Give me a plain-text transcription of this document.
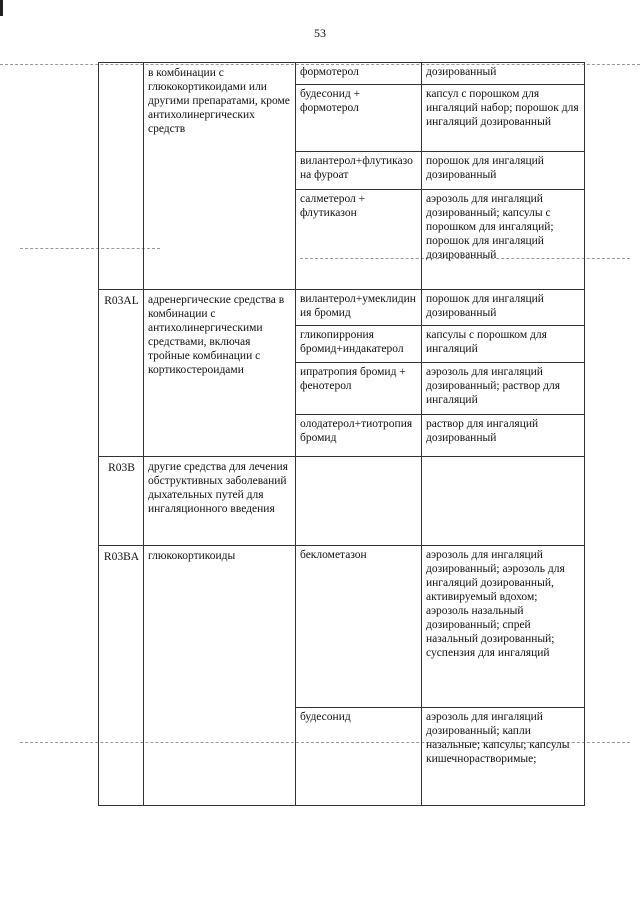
53
	в комбинации с глюкокортикоидами или другими препаратами, кроме антихолинергических средств	формотерол	дозированный
		будесонид + формотерол	капсул с порошком для ингаляций набор; порошок для ингаляций дозированный
		вилантерол+флутиказона фуроат	порошок для ингаляций дозированный
		салметерол + флутиказон	аэрозоль для ингаляций дозированный; капсулы с порошком для ингаляций; порошок для ингаляций дозированный
R03AL	адренергические средства в комбинации с антихолинергическими средствами, включая тройные комбинации с кортикостероидами	вилантерол+умеклидиния бромид	порошок для ингаляций дозированный
		гликопиррония бромид+индакатерол	капсулы с порошком для ингаляций
		ипратропия бромид + фенотерол	аэрозоль для ингаляций дозированный; раствор для ингаляций
		олодатерол+тиотропия бромид	раствор для ингаляций дозированный
R03B	другие средства для лечения обструктивных заболеваний дыхательных путей для ингаляционного введения		
R03BA	глюкокортикоиды	беклометазон	аэрозоль для ингаляций дозированный; аэрозоль для ингаляций дозированный, активируемый вдохом; аэрозоль назальный дозированный; спрей назальный дозированный; суспензия для ингаляций
		будесонид	аэрозоль для ингаляций дозированный; капли назальные; капсулы; капсулы кишечнорастворимые;
